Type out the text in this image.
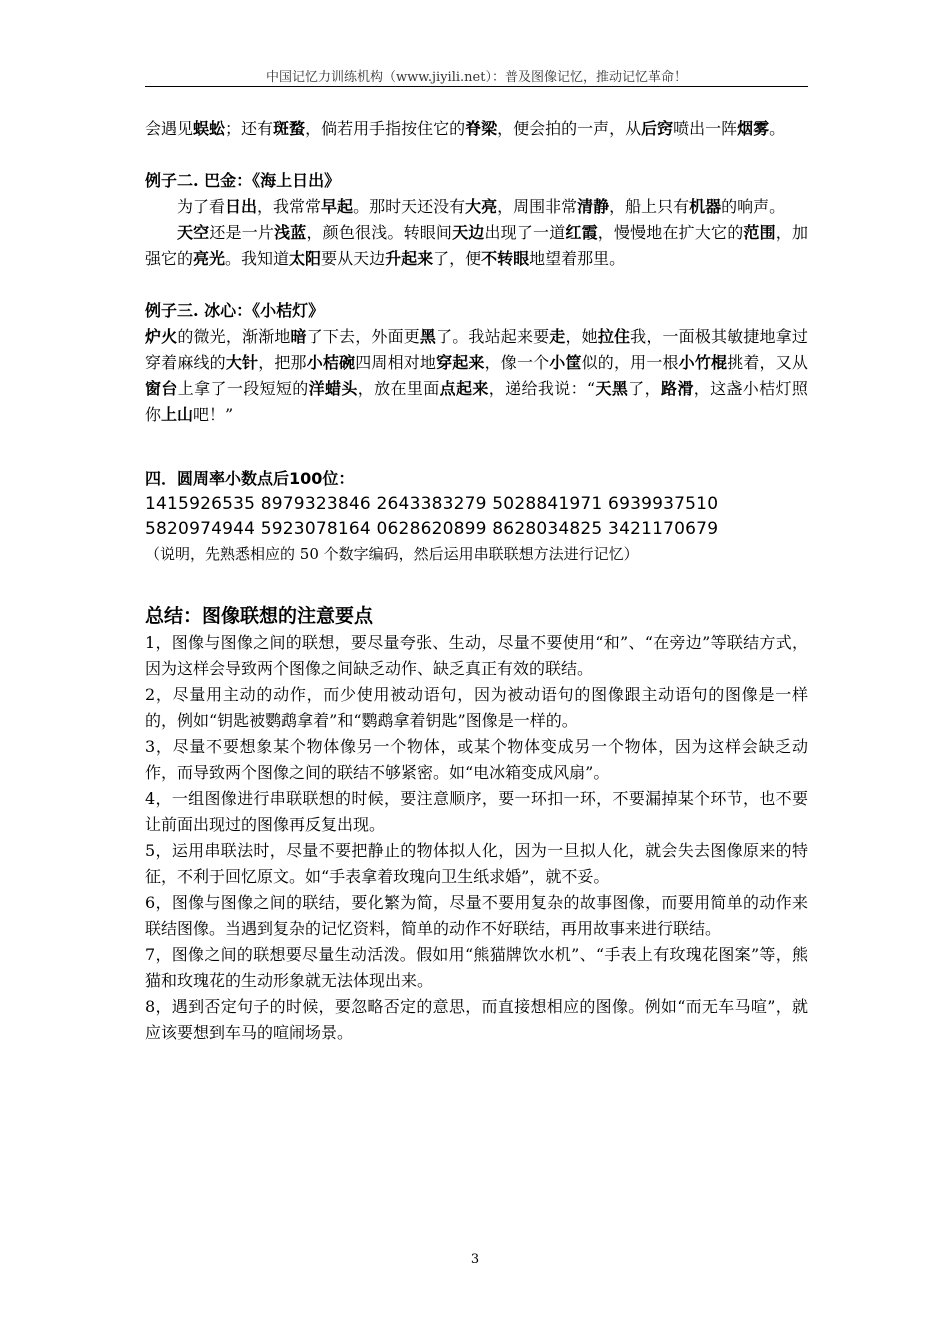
中国记忆力训练机构（www.jiyili.net）：普及图像记忆，推动记忆革命！

会遇见蜈蚣；还有斑蝥，倘若用手指按住它的脊梁，便会拍的一声，从后窍喷出一阵烟雾。

例子二. 巴金：《海上日出》

为了看日出，我常常早起。那时天还没有大亮，周围非常清静，船上只有机器的响声。

天空还是一片浅蓝，颜色很浅。转眼间天边出现了一道红霞，慢慢地在扩大它的范围，加强它的亮光。我知道太阳要从天边升起来了，便不转眼地望着那里。

例子三. 冰心：《小桔灯》

炉火的微光，渐渐地暗了下去，外面更黑了。我站起来要走，她拉住我，一面极其敏捷地拿过穿着麻线的大针，把那小桔碗四周相对地穿起来，像一个小筐似的，用一根小竹棍挑着，又从窗台上拿了一段短短的洋蜡头，放在里面点起来，递给我说：“天黑了，路滑，这盏小桔灯照你上山吧！”

四．圆周率小数点后100位：

1415926535 8979323846 2643383279 5028841971 6939937510

5820974944 5923078164 0628620899 8628034825 3421170679

（说明，先熟悉相应的 50 个数字编码，然后运用串联联想方法进行记忆）

总结：图像联想的注意要点

1，图像与图像之间的联想，要尽量夸张、生动，尽量不要使用“和”、“在旁边”等联结方式，因为这样会导致两个图像之间缺乏动作、缺乏真正有效的联结。

2，尽量用主动的动作，而少使用被动语句，因为被动语句的图像跟主动语句的图像是一样的，例如“钥匙被鹦鹉拿着”和“鹦鹉拿着钥匙”图像是一样的。

3，尽量不要想象某个物体像另一个物体，或某个物体变成另一个物体，因为这样会缺乏动作，而导致两个图像之间的联结不够紧密。如“电冰箱变成风扇”。

4，一组图像进行串联联想的时候，要注意顺序，要一环扣一环，不要漏掉某个环节，也不要让前面出现过的图像再反复出现。

5，运用串联法时，尽量不要把静止的物体拟人化，因为一旦拟人化，就会失去图像原来的特征，不利于回忆原文。如“手表拿着玫瑰向卫生纸求婚”，就不妥。

6，图像与图像之间的联结，要化繁为简，尽量不要用复杂的故事图像，而要用简单的动作来联结图像。当遇到复杂的记忆资料，简单的动作不好联结，再用故事来进行联结。

7，图像之间的联想要尽量生动活泼。假如用“熊猫牌饮水机”、“手表上有玫瑰花图案”等，熊猫和玫瑰花的生动形象就无法体现出来。

8，遇到否定句子的时候，要忽略否定的意思，而直接想相应的图像。例如“而无车马喧”，就应该要想到车马的喧闹场景。

3
